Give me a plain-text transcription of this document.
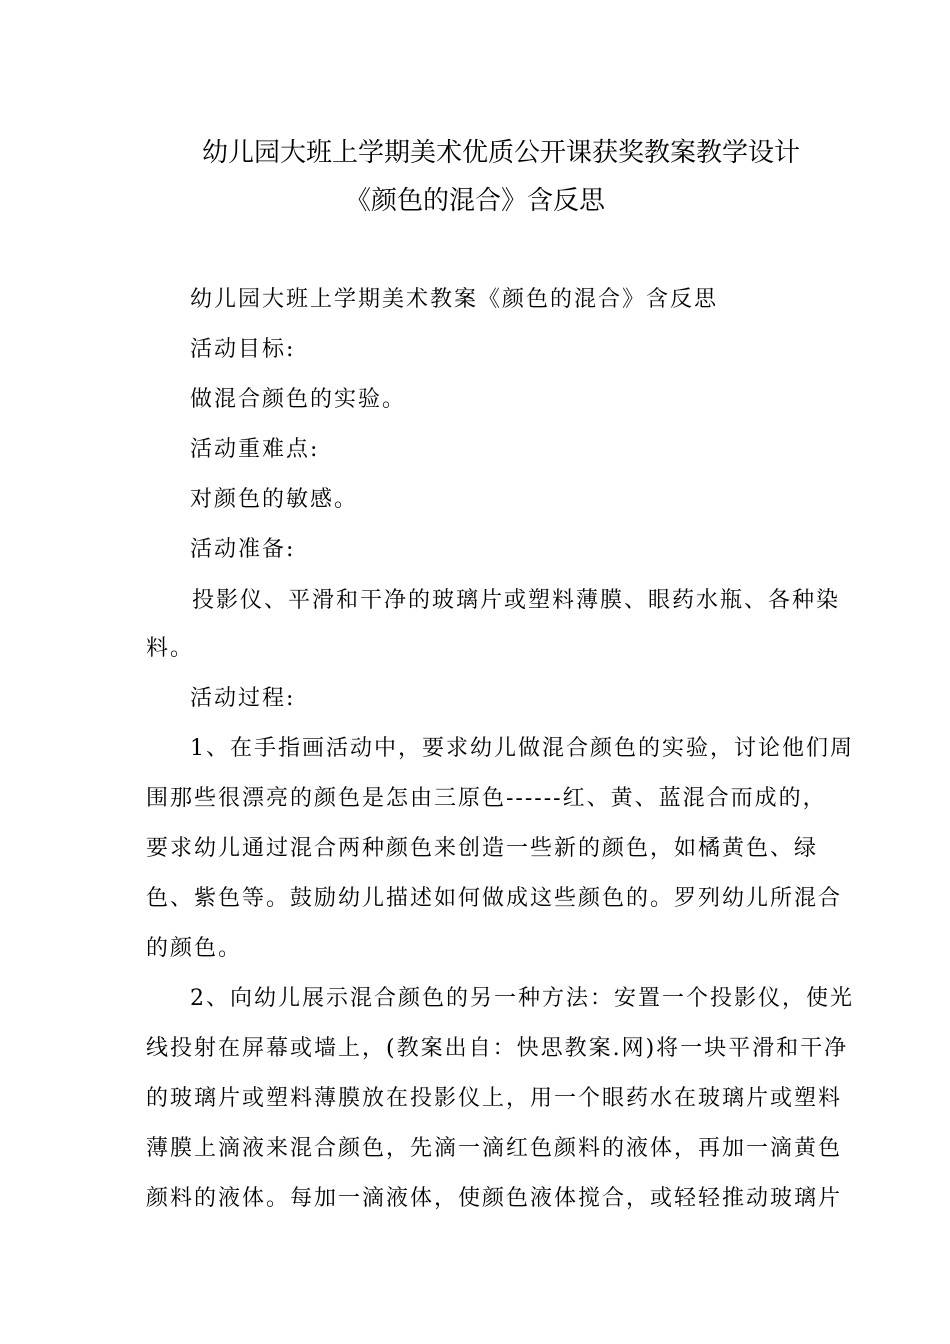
幼儿园大班上学期美术优质公开课获奖教案教学设计
《颜色的混合》含反思
幼儿园大班上学期美术教案《颜色的混合》含反思
活动目标:
做混合颜色的实验。
活动重难点:
对颜色的敏感。
活动准备:
投影仪、平滑和干净的玻璃片或塑料薄膜、眼药水瓶、各种染
料。
活动过程:
1、在手指画活动中，要求幼儿做混合颜色的实验，讨论他们周
围那些很漂亮的颜色是怎由三原色------红、黄、蓝混合而成的，
要求幼儿通过混合两种颜色来创造一些新的颜色，如橘黄色、绿
色、紫色等。鼓励幼儿描述如何做成这些颜色的。罗列幼儿所混合
的颜色。
2、向幼儿展示混合颜色的另一种方法：安置一个投影仪，使光
线投射在屏幕或墙上，(教案出自：快思教案.网)将一块平滑和干净
的玻璃片或塑料薄膜放在投影仪上，用一个眼药水在玻璃片或塑料
薄膜上滴液来混合颜色，先滴一滴红色颜料的液体，再加一滴黄色
颜料的液体。每加一滴液体，使颜色液体搅合，或轻轻推动玻璃片
